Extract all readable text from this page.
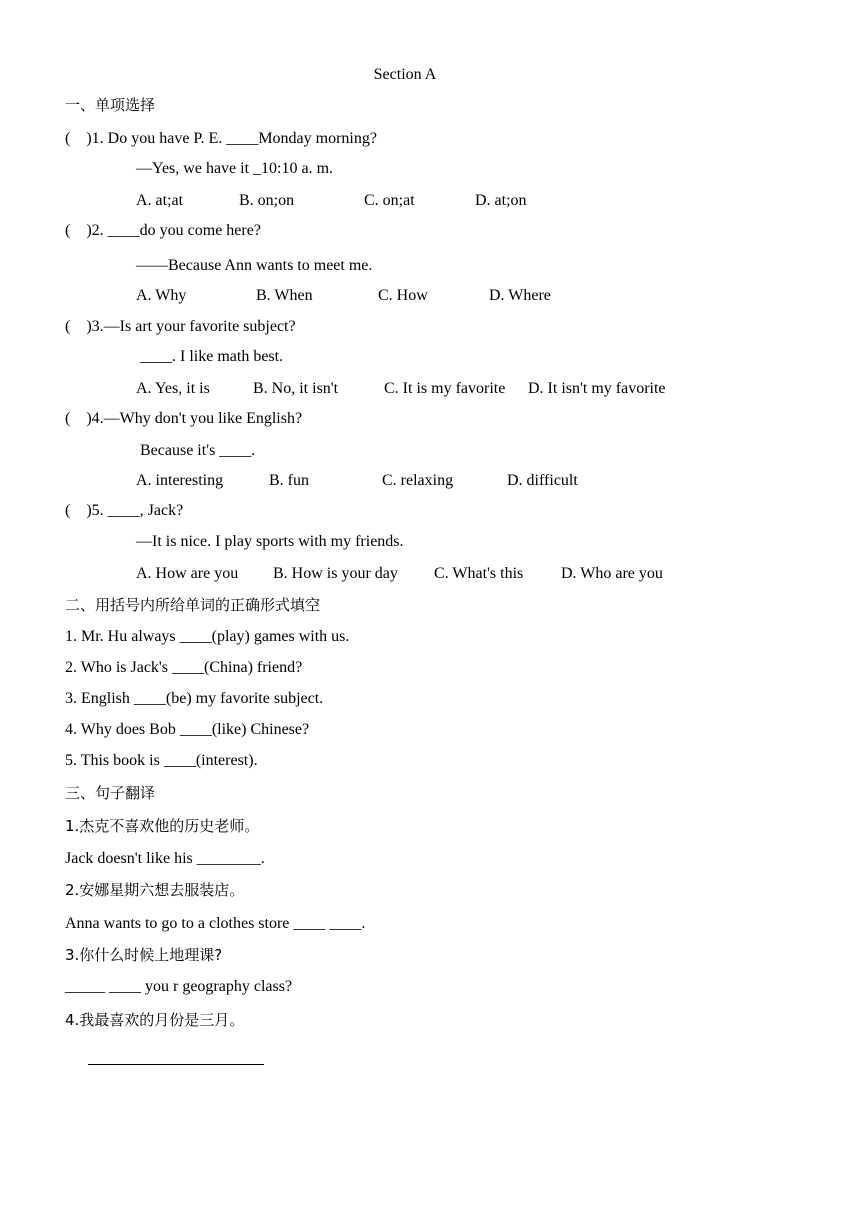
Section A
一、单项选择
(    )1. Do you have P. E. ____Monday morning?
—Yes, we have it _10:10 a. m.
A. at;at	B. on;on	C. on;at	D. at;on
(    )2. ____do you come here?
——Because Ann wants to meet me.
A. Why	B. When	C. How	D. Where
(    )3.—Is art your favorite subject?
____. I like math best.
A. Yes, it is	B. No, it isn't	C. It is my favorite D. It isn't my favorite
(    )4.—Why don't you like English?
Because it's ____.
A. interesting	B. fun	C. relaxing	D. difficult
(    )5. ____, Jack?
—It is nice. I play sports with my friends.
A. How are you B. How is your day C. What's this D. Who are you
二、用括号内所给单词的正确形式填空
1. Mr. Hu always ____(play) games with us.
2. Who is Jack's ____(China) friend?
3. English ____(be) my favorite subject.
4. Why does Bob ____(like) Chinese?
5. This book is ____(interest).
三、句子翻译
1.杰克不喜欢他的历史老师。
Jack doesn't like his ________.
2.安娜星期六想去服装店。
Anna wants to go to a clothes store ____ ____.
3.你什么时候上地理课?
_____ ____ you r geography class?
4.我最喜欢的月份是三月。
